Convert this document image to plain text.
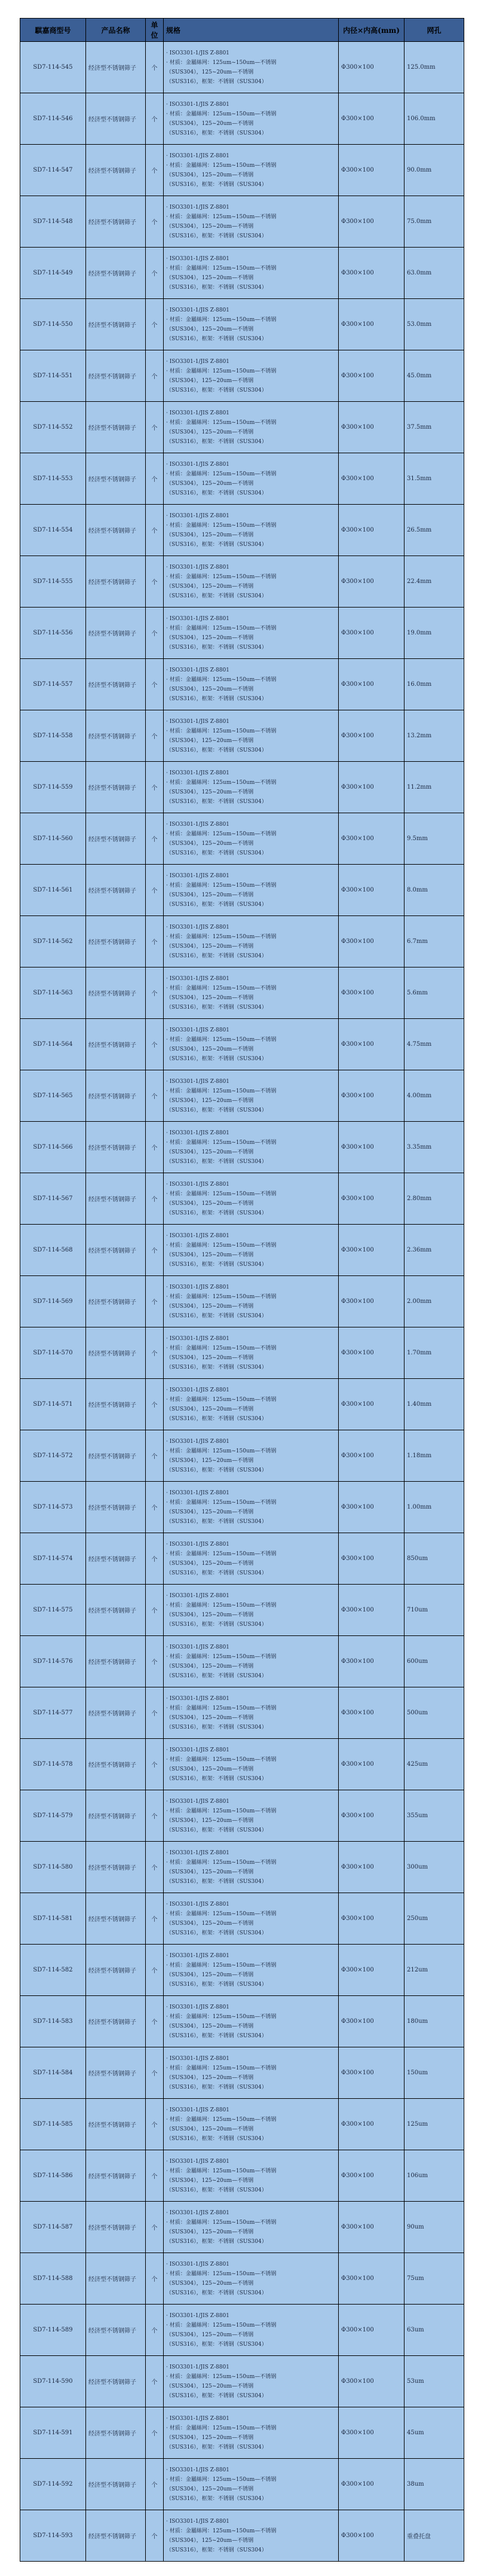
騏嘉商型号	产品名称	单位	规格	内径×内高(mm)	网孔
SD7-114-545	经济型不锈钢筛子	个	· ISO3301-1/JIS Z-8801
· 材质：金屬絲网：125um~150um—不锈钢
（SUS304），125~20um—不锈钢
（SUS316），框架：不锈钢（SUS304）	Φ300×100	125.0mm
SD7-114-546	经济型不锈钢筛子	个	· ISO3301-1/JIS Z-8801
· 材质：金屬絲网：125um~150um—不锈钢
（SUS304），125~20um—不锈钢
（SUS316），框架：不锈钢（SUS304）	Φ300×100	106.0mm
SD7-114-547	经济型不锈钢筛子	个	· ISO3301-1/JIS Z-8801
· 材质：金屬絲网：125um~150um—不锈钢
（SUS304），125~20um—不锈钢
（SUS316），框架：不锈钢（SUS304）	Φ300×100	90.0mm
SD7-114-548	经济型不锈钢筛子	个	· ISO3301-1/JIS Z-8801
· 材质：金屬絲网：125um~150um—不锈钢
（SUS304），125~20um—不锈钢
（SUS316），框架：不锈钢（SUS304）	Φ300×100	75.0mm
SD7-114-549	经济型不锈钢筛子	个	· ISO3301-1/JIS Z-8801
· 材质：金屬絲网：125um~150um—不锈钢
（SUS304），125~20um—不锈钢
（SUS316），框架：不锈钢（SUS304）	Φ300×100	63.0mm
SD7-114-550	经济型不锈钢筛子	个	· ISO3301-1/JIS Z-8801
· 材质：金屬絲网：125um~150um—不锈钢
（SUS304），125~20um—不锈钢
（SUS316），框架：不锈钢（SUS304）	Φ300×100	53.0mm
SD7-114-551	经济型不锈钢筛子	个	· ISO3301-1/JIS Z-8801
· 材质：金屬絲网：125um~150um—不锈钢
（SUS304），125~20um—不锈钢
（SUS316），框架：不锈钢（SUS304）	Φ300×100	45.0mm
SD7-114-552	经济型不锈钢筛子	个	· ISO3301-1/JIS Z-8801
· 材质：金屬絲网：125um~150um—不锈钢
（SUS304），125~20um—不锈钢
（SUS316），框架：不锈钢（SUS304）	Φ300×100	37.5mm
SD7-114-553	经济型不锈钢筛子	个	· ISO3301-1/JIS Z-8801
· 材质：金屬絲网：125um~150um—不锈钢
（SUS304），125~20um—不锈钢
（SUS316），框架：不锈钢（SUS304）	Φ300×100	31.5mm
SD7-114-554	经济型不锈钢筛子	个	· ISO3301-1/JIS Z-8801
· 材质：金屬絲网：125um~150um—不锈钢
（SUS304），125~20um—不锈钢
（SUS316），框架：不锈钢（SUS304）	Φ300×100	26.5mm
SD7-114-555	经济型不锈钢筛子	个	· ISO3301-1/JIS Z-8801
· 材质：金屬絲网：125um~150um—不锈钢
（SUS304），125~20um—不锈钢
（SUS316），框架：不锈钢（SUS304）	Φ300×100	22.4mm
SD7-114-556	经济型不锈钢筛子	个	· ISO3301-1/JIS Z-8801
· 材质：金屬絲网：125um~150um—不锈钢
（SUS304），125~20um—不锈钢
（SUS316），框架：不锈钢（SUS304）	Φ300×100	19.0mm
SD7-114-557	经济型不锈钢筛子	个	· ISO3301-1/JIS Z-8801
· 材质：金屬絲网：125um~150um—不锈钢
（SUS304），125~20um—不锈钢
（SUS316），框架：不锈钢（SUS304）	Φ300×100	16.0mm
SD7-114-558	经济型不锈钢筛子	个	· ISO3301-1/JIS Z-8801
· 材质：金屬絲网：125um~150um—不锈钢
（SUS304），125~20um—不锈钢
（SUS316），框架：不锈钢（SUS304）	Φ300×100	13.2mm
SD7-114-559	经济型不锈钢筛子	个	· ISO3301-1/JIS Z-8801
· 材质：金屬絲网：125um~150um—不锈钢
（SUS304），125~20um—不锈钢
（SUS316），框架：不锈钢（SUS304）	Φ300×100	11.2mm
SD7-114-560	经济型不锈钢筛子	个	· ISO3301-1/JIS Z-8801
· 材质：金屬絲网：125um~150um—不锈钢
（SUS304），125~20um—不锈钢
（SUS316），框架：不锈钢（SUS304）	Φ300×100	9.5mm
SD7-114-561	经济型不锈钢筛子	个	· ISO3301-1/JIS Z-8801
· 材质：金屬絲网：125um~150um—不锈钢
（SUS304），125~20um—不锈钢
（SUS316），框架：不锈钢（SUS304）	Φ300×100	8.0mm
SD7-114-562	经济型不锈钢筛子	个	· ISO3301-1/JIS Z-8801
· 材质：金屬絲网：125um~150um—不锈钢
（SUS304），125~20um—不锈钢
（SUS316），框架：不锈钢（SUS304）	Φ300×100	6.7mm
SD7-114-563	经济型不锈钢筛子	个	· ISO3301-1/JIS Z-8801
· 材质：金屬絲网：125um~150um—不锈钢
（SUS304），125~20um—不锈钢
（SUS316），框架：不锈钢（SUS304）	Φ300×100	5.6mm
SD7-114-564	经济型不锈钢筛子	个	· ISO3301-1/JIS Z-8801
· 材质：金屬絲网：125um~150um—不锈钢
（SUS304），125~20um—不锈钢
（SUS316），框架：不锈钢（SUS304）	Φ300×100	4.75mm
SD7-114-565	经济型不锈钢筛子	个	· ISO3301-1/JIS Z-8801
· 材质：金屬絲网：125um~150um—不锈钢
（SUS304），125~20um—不锈钢
（SUS316），框架：不锈钢（SUS304）	Φ300×100	4.00mm
SD7-114-566	经济型不锈钢筛子	个	· ISO3301-1/JIS Z-8801
· 材质：金屬絲网：125um~150um—不锈钢
（SUS304），125~20um—不锈钢
（SUS316），框架：不锈钢（SUS304）	Φ300×100	3.35mm
SD7-114-567	经济型不锈钢筛子	个	· ISO3301-1/JIS Z-8801
· 材质：金屬絲网：125um~150um—不锈钢
（SUS304），125~20um—不锈钢
（SUS316），框架：不锈钢（SUS304）	Φ300×100	2.80mm
SD7-114-568	经济型不锈钢筛子	个	· ISO3301-1/JIS Z-8801
· 材质：金屬絲网：125um~150um—不锈钢
（SUS304），125~20um—不锈钢
（SUS316），框架：不锈钢（SUS304）	Φ300×100	2.36mm
SD7-114-569	经济型不锈钢筛子	个	· ISO3301-1/JIS Z-8801
· 材质：金屬絲网：125um~150um—不锈钢
（SUS304），125~20um—不锈钢
（SUS316），框架：不锈钢（SUS304）	Φ300×100	2.00mm
SD7-114-570	经济型不锈钢筛子	个	· ISO3301-1/JIS Z-8801
· 材质：金屬絲网：125um~150um—不锈钢
（SUS304），125~20um—不锈钢
（SUS316），框架：不锈钢（SUS304）	Φ300×100	1.70mm
SD7-114-571	经济型不锈钢筛子	个	· ISO3301-1/JIS Z-8801
· 材质：金屬絲网：125um~150um—不锈钢
（SUS304），125~20um—不锈钢
（SUS316），框架：不锈钢（SUS304）	Φ300×100	1.40mm
SD7-114-572	经济型不锈钢筛子	个	· ISO3301-1/JIS Z-8801
· 材质：金屬絲网：125um~150um—不锈钢
（SUS304），125~20um—不锈钢
（SUS316），框架：不锈钢（SUS304）	Φ300×100	1.18mm
SD7-114-573	经济型不锈钢筛子	个	· ISO3301-1/JIS Z-8801
· 材质：金屬絲网：125um~150um—不锈钢
（SUS304），125~20um—不锈钢
（SUS316），框架：不锈钢（SUS304）	Φ300×100	1.00mm
SD7-114-574	经济型不锈钢筛子	个	· ISO3301-1/JIS Z-8801
· 材质：金屬絲网：125um~150um—不锈钢
（SUS304），125~20um—不锈钢
（SUS316），框架：不锈钢（SUS304）	Φ300×100	850um
SD7-114-575	经济型不锈钢筛子	个	· ISO3301-1/JIS Z-8801
· 材质：金屬絲网：125um~150um—不锈钢
（SUS304），125~20um—不锈钢
（SUS316），框架：不锈钢（SUS304）	Φ300×100	710um
SD7-114-576	经济型不锈钢筛子	个	· ISO3301-1/JIS Z-8801
· 材质：金屬絲网：125um~150um—不锈钢
（SUS304），125~20um—不锈钢
（SUS316），框架：不锈钢（SUS304）	Φ300×100	600um
SD7-114-577	经济型不锈钢筛子	个	· ISO3301-1/JIS Z-8801
· 材质：金屬絲网：125um~150um—不锈钢
（SUS304），125~20um—不锈钢
（SUS316），框架：不锈钢（SUS304）	Φ300×100	500um
SD7-114-578	经济型不锈钢筛子	个	· ISO3301-1/JIS Z-8801
· 材质：金屬絲网：125um~150um—不锈钢
（SUS304），125~20um—不锈钢
（SUS316），框架：不锈钢（SUS304）	Φ300×100	425um
SD7-114-579	经济型不锈钢筛子	个	· ISO3301-1/JIS Z-8801
· 材质：金屬絲网：125um~150um—不锈钢
（SUS304），125~20um—不锈钢
（SUS316），框架：不锈钢（SUS304）	Φ300×100	355um
SD7-114-580	经济型不锈钢筛子	个	· ISO3301-1/JIS Z-8801
· 材质：金屬絲网：125um~150um—不锈钢
（SUS304），125~20um—不锈钢
（SUS316），框架：不锈钢（SUS304）	Φ300×100	300um
SD7-114-581	经济型不锈钢筛子	个	· ISO3301-1/JIS Z-8801
· 材质：金屬絲网：125um~150um—不锈钢
（SUS304），125~20um—不锈钢
（SUS316），框架：不锈钢（SUS304）	Φ300×100	250um
SD7-114-582	经济型不锈钢筛子	个	· ISO3301-1/JIS Z-8801
· 材质：金屬絲网：125um~150um—不锈钢
（SUS304），125~20um—不锈钢
（SUS316），框架：不锈钢（SUS304）	Φ300×100	212um
SD7-114-583	经济型不锈钢筛子	个	· ISO3301-1/JIS Z-8801
· 材质：金屬絲网：125um~150um—不锈钢
（SUS304），125~20um—不锈钢
（SUS316），框架：不锈钢（SUS304）	Φ300×100	180um
SD7-114-584	经济型不锈钢筛子	个	· ISO3301-1/JIS Z-8801
· 材质：金屬絲网：125um~150um—不锈钢
（SUS304），125~20um—不锈钢
（SUS316），框架：不锈钢（SUS304）	Φ300×100	150um
SD7-114-585	经济型不锈钢筛子	个	· ISO3301-1/JIS Z-8801
· 材质：金屬絲网：125um~150um—不锈钢
（SUS304），125~20um—不锈钢
（SUS316），框架：不锈钢（SUS304）	Φ300×100	125um
SD7-114-586	经济型不锈钢筛子	个	· ISO3301-1/JIS Z-8801
· 材质：金屬絲网：125um~150um—不锈钢
（SUS304），125~20um—不锈钢
（SUS316），框架：不锈钢（SUS304）	Φ300×100	106um
SD7-114-587	经济型不锈钢筛子	个	· ISO3301-1/JIS Z-8801
· 材质：金屬絲网：125um~150um—不锈钢
（SUS304），125~20um—不锈钢
（SUS316），框架：不锈钢（SUS304）	Φ300×100	90um
SD7-114-588	经济型不锈钢筛子	个	· ISO3301-1/JIS Z-8801
· 材质：金屬絲网：125um~150um—不锈钢
（SUS304），125~20um—不锈钢
（SUS316），框架：不锈钢（SUS304）	Φ300×100	75um
SD7-114-589	经济型不锈钢筛子	个	· ISO3301-1/JIS Z-8801
· 材质：金屬絲网：125um~150um—不锈钢
（SUS304），125~20um—不锈钢
（SUS316），框架：不锈钢（SUS304）	Φ300×100	63um
SD7-114-590	经济型不锈钢筛子	个	· ISO3301-1/JIS Z-8801
· 材质：金屬絲网：125um~150um—不锈钢
（SUS304），125~20um—不锈钢
（SUS316），框架：不锈钢（SUS304）	Φ300×100	53um
SD7-114-591	经济型不锈钢筛子	个	· ISO3301-1/JIS Z-8801
· 材质：金屬絲网：125um~150um—不锈钢
（SUS304），125~20um—不锈钢
（SUS316），框架：不锈钢（SUS304）	Φ300×100	45um
SD7-114-592	经济型不锈钢筛子	个	· ISO3301-1/JIS Z-8801
· 材质：金屬絲网：125um~150um—不锈钢
（SUS304），125~20um—不锈钢
（SUS316），框架：不锈钢（SUS304）	Φ300×100	38um
SD7-114-593	经济型不锈钢筛子	个	· ISO3301-1/JIS Z-8801
· 材质：金屬絲网：125um~150um—不锈钢
（SUS304），125~20um—不锈钢
（SUS316），框架：不锈钢（SUS304）	Φ300×100	重叠托盘
